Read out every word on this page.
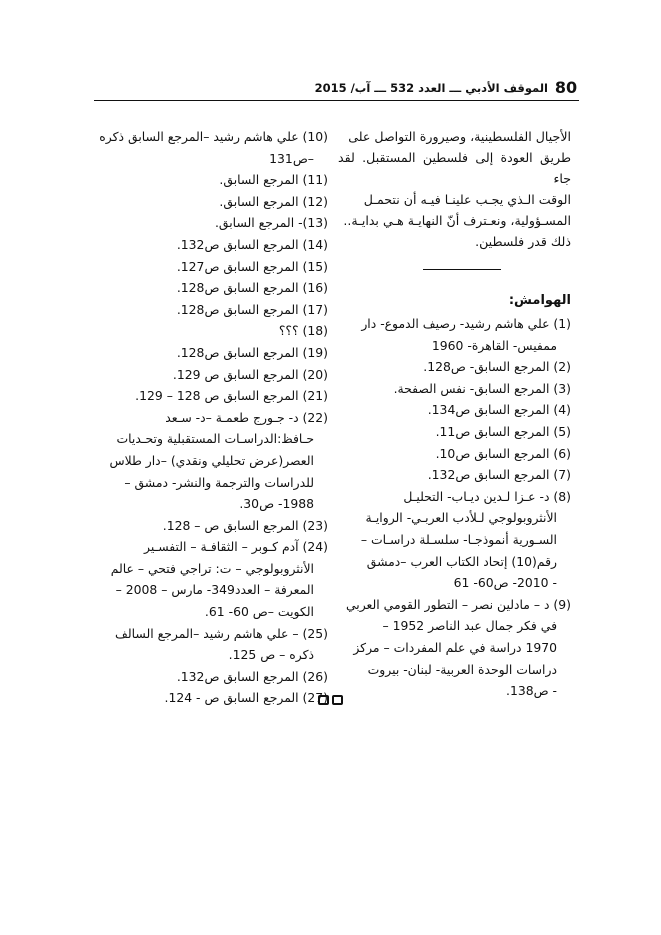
80
الموقف الأدبي ـــ العدد 532 ـــ آب/ 2015

الأجيال الفلسطينية، وصيرورة التواصل على
طريق العودة إلى فلسطين المستقبل. لقد جاء
الوقت الـذي يجـب علينـا فيـه أن نتحمـل
المسـؤولية، ونعـترف أنّ النهايـة هـي بدايـة..
ذلك قدر فلسطين.

الهوامش:
(1) علي هاشم رشيد- رصيف الدموع- دار
ممفيس- القاهرة- 1960
(2) المرجع السابق- ص128.
(3) المرجع السابق- نفس الصفحة.
(4) المرجع السابق ص134.
(5) المرجع السابق ص11.
(6) المرجع السابق ص10.
(7) المرجع السابق ص132.
(8) د- عـزا لـدين ديـاب- التحليـل
الأنثروبولوجي لـلأدب العربـي- الروايـة
السـورية أنموذجـا- سلسـلة دراسـات –
رقم(10) إتحاد الكتاب العرب –دمشق
- 2010- ص60- 61
(9) د – مادلين نصر – التطور القومي العربي
في فكر جمال عبد الناصر 1952 –
1970 دراسة في علم المفردات – مركز
دراسات الوحدة العربية- لبنان- بيروت
- ص138.
(10) علي هاشم رشيد –المرجع السابق ذكره
–ص131
(11) المرجع السابق.
(12) المرجع السابق.
(13)- المرجع السابق.
(14) المرجع السابق ص132.
(15) المرجع السابق ص127.
(16) المرجع السابق ص128.
(17) المرجع السابق ص128.
(18) ؟؟؟
(19) المرجع السابق ص128.
(20) المرجع السابق ص 129.
(21) المرجع السابق ص 128 – 129.
(22) د- جـورج طعمـة –د- سـعد
حـافظ:الدراسـات المستقبلية وتحـديات
العصر(عرض تحليلي ونقدي) –دار طلاس
للدراسات والترجمة والنشر- دمشق –
1988- ص30.
(23) المرجع السابق ص – 128.
(24) آدم كـوبر – الثقافـة – التفسـير
الأنثروبولوجي – ت: تراجي فتحي – عالم
المعرفة – العدد349- مارس – 2008 –
الكويت –ص 60- 61.
(25) – علي هاشم رشيد –المرجع السالف
ذكره – ص 125.
(26) المرجع السابق ص132.
(27) المرجع السابق ص - 124.
